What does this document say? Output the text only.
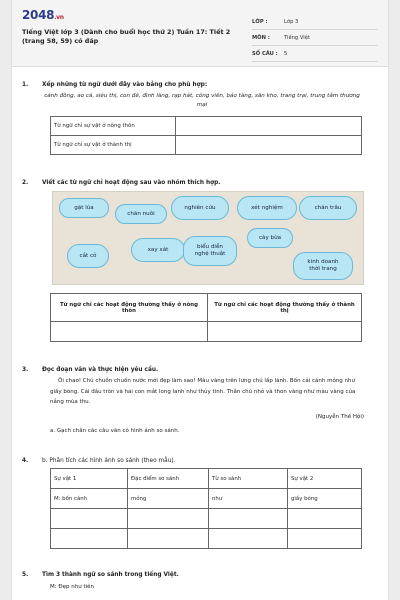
2048.vn
Tiếng Việt lớp 3 (Dành cho buổi học thứ 2) Tuần 17: Tiết 2 (trang 58, 59) có đáp
LỚP :	Lớp 3
MÔN :	Tiếng Việt
SỐ CÂU : 5
1. Xếp những từ ngữ dưới đây vào bảng cho phù hợp:
cánh đồng, ao cá, siêu thị, con đê, đình làng, rạp hát, công viên, bảo tàng, sân kho, trang trại, trung tâm thương mại
Từ ngữ chỉ sự vật ở nông thôn	
Từ ngữ chỉ sự vật ở thành thị	
2. Viết các từ ngữ chỉ hoạt động sau vào nhóm thích hợp.
gặt lúa
chăn nuôi
nghiên cứu	xét nghiệm	chăn trâu
cày bừa
cắt cỏ
xay xát	biểu diễn nghệ thuật
kinh doanh thời trang
Từ ngữ chỉ các hoạt động thường thấy ở nông thôn	Từ ngữ chỉ các hoạt động thường thấy ở thành thị

3. Đọc đoạn văn và thực hiện yêu cầu.
Ôi chao! Chú chuồn chuồn nước mới đẹp làm sao! Màu vàng trên lưng chú lấp lánh. Bốn cái cánh mỏng như giấy bóng. Cái đầu tròn và hai con mắt long lanh như thủy tinh. Thân chú nhỏ và thon vàng như màu vàng của nắng mùa thu.
(Nguyễn Thế Hội)
a. Gạch chân các câu văn có hình ảnh so sánh.
4. b. Phân tích các hình ảnh so sánh (theo mẫu).
Sự vật 1	Đặc điểm so sánh	Từ so sánh	Sự vật 2
M: bốn cánh	mỏng	như	giấy bóng

5. Tìm 3 thành ngữ so sánh trong tiếng Việt.
M: Đẹp như tiên
